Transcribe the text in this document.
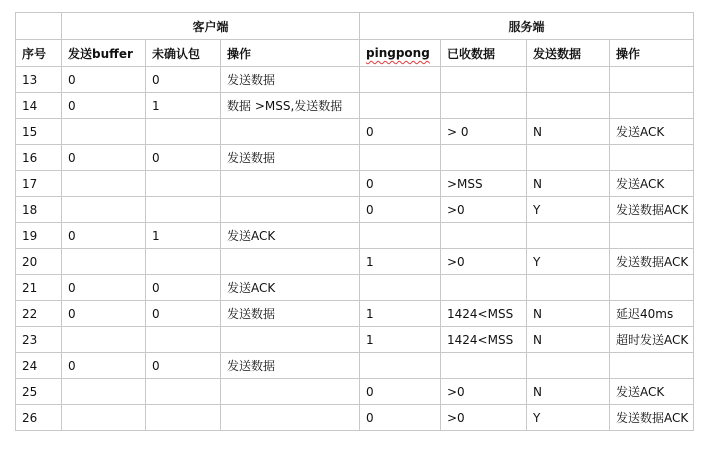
	客户端			服务端			
序号	发送buffer	未确认包	操作	pingpong	已收数据	发送数据	操作
13	0	0	发送数据				
14	0	1	数据 >MSS,发送数据				
15				0	> 0	N	发送ACK
16	0	0	发送数据				
17				0	>MSS	N	发送ACK
18				0	>0	Y	发送数据ACK
19	0	1	发送ACK				
20				1	>0	Y	发送数据ACK
21	0	0	发送ACK				
22	0	0	发送数据	1	1424<MSS	N	延迟40ms
23				1	1424<MSS	N	超时发送ACK
24	0	0	发送数据				
25				0	>0	N	发送ACK
26				0	>0	Y	发送数据ACK
